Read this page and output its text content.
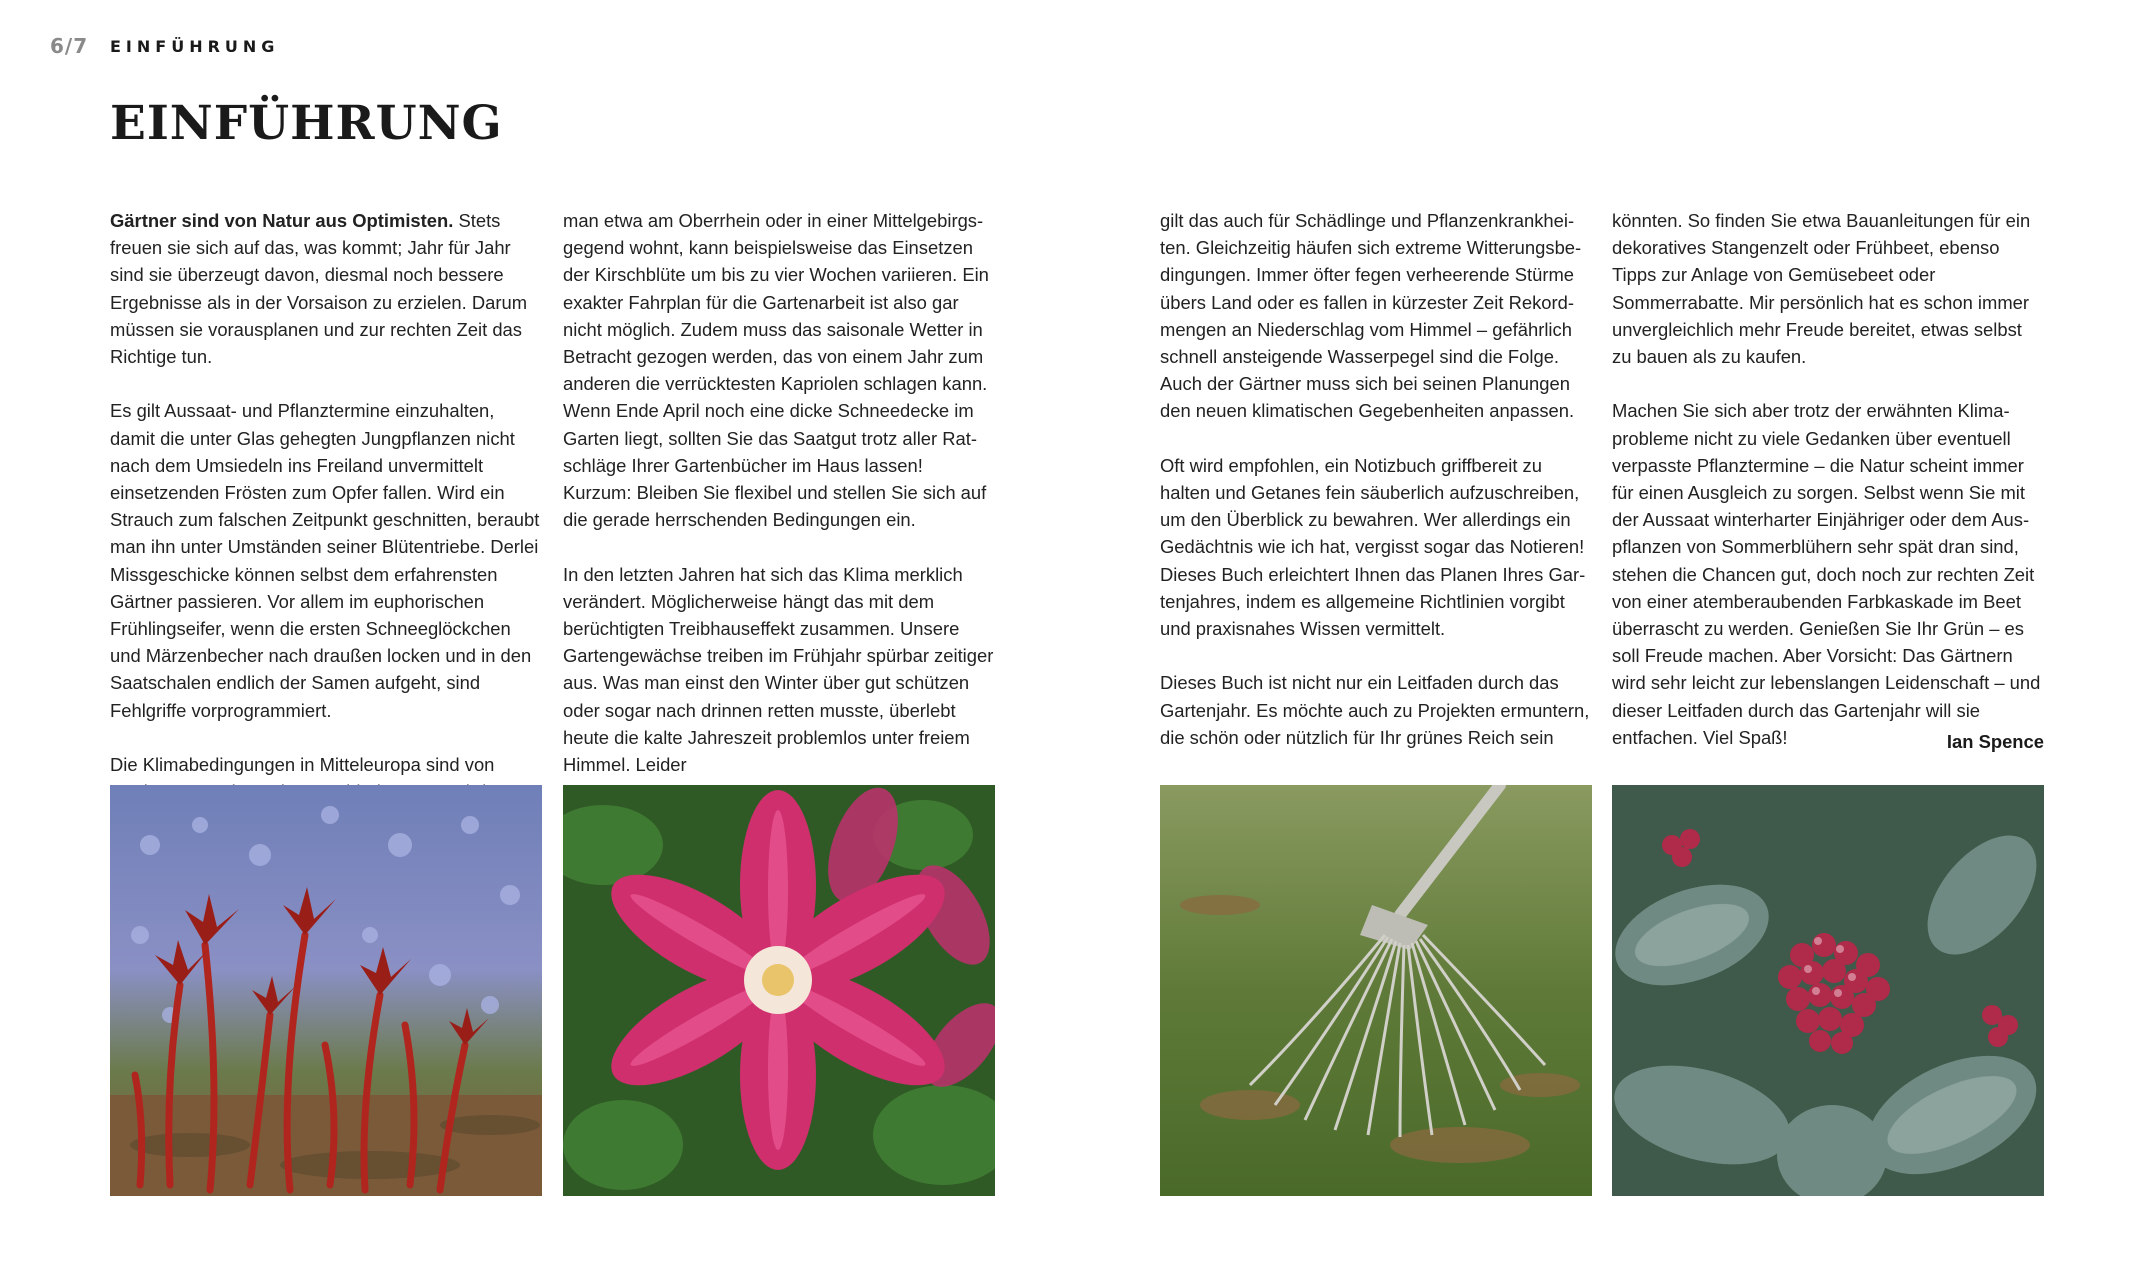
6/7 EINFÜHRUNG
EINFÜHRUNG

Gärtner sind von Natur aus Optimisten. Stets freuen sie sich auf das, was kommt; Jahr für Jahr sind sie überzeugt davon, diesmal noch bessere Ergebnisse als in der Vorsaison zu erzielen. Darum müssen sie vorausplanen und zur rechten Zeit das Richtige tun.

Es gilt Aussaat- und Pflanztermine einzuhalten, damit die unter Glas gehegten Jungpflanzen nicht nach dem Umsiedeln ins Freiland unvermittelt einsetzenden Frösten zum Opfer fallen. Wird ein Strauch zum falschen Zeitpunkt geschnitten, beraubt man ihn unter Umständen seiner Blütentriebe. Derlei Missgeschicke können selbst dem erfahrensten Gärtner passieren. Vor allem im euphorischen Frühlingseifer, wenn die ersten Schneeglöckchen und Märzenbecher nach draußen locken und in den Saatschalen endlich der Samen aufgeht, sind Fehlgriffe vorprogrammiert.

Die Klimabedingungen in Mitteleuropa sind von

man etwa am Oberrhein oder in einer Mittelgebirgsgegend wohnt, kann beispielsweise das Einsetzen der Kirschblüte um bis zu vier Wochen variieren. Ein exakter Fahrplan für die Gartenarbeit ist also gar nicht möglich. Zudem muss das saisonale Wetter in Betracht gezogen werden, das von einem Jahr zum anderen die verrücktesten Kapriolen schlagen kann. Wenn Ende April noch eine dicke Schneedecke im Garten liegt, sollten Sie das Saatgut trotz aller Ratschläge Ihrer Gartenbücher im Haus lassen! Kurzum: Bleiben Sie flexibel und stellen Sie sich auf die gerade herrschenden Bedingungen ein.

In den letzten Jahren hat sich das Klima merklich verändert. Möglicherweise hängt das mit dem berüchtigten Treibhauseffekt zusammen. Unsere Gartengewächse treiben im Frühjahr spürbar zeitiger aus. Was man einst den Winter über gut schützen oder sogar nach drinnen retten musste, überlebt heute die kalte Jahreszeit problemlos unter freiem Himmel. Leider

gilt das auch für Schädlinge und Pflanzenkrankheiten. Gleichzeitig häufen sich extreme Witterungsbedingungen. Immer öfter fegen verheerende Stürme übers Land oder es fallen in kürzester Zeit Rekordmengen an Niederschlag vom Himmel – gefährlich schnell ansteigende Wasserpegel sind die Folge. Auch der Gärtner muss sich bei seinen Planungen den neuen klimatischen Gegebenheiten anpassen.

Oft wird empfohlen, ein Notizbuch griffbereit zu halten und Getanes fein säuberlich aufzuschreiben, um den Überblick zu bewahren. Wer allerdings ein Gedächtnis wie ich hat, vergisst sogar das Notieren! Dieses Buch erleichtert Ihnen das Planen Ihres Gartenjahres, indem es allgemeine Richtlinien vorgibt und praxisnahes Wissen vermittelt.

Dieses Buch ist nicht nur ein Leitfaden durch das Gartenjahr. Es möchte auch zu Projekten ermuntern, die schön oder nützlich für Ihr grünes Reich sein

könnten. So finden Sie etwa Bauanleitungen für ein dekoratives Stangenzelt oder Frühbeet, ebenso Tipps zur Anlage von Gemüsebeet oder Sommerrabatte. Mir persönlich hat es schon immer unvergleichlich mehr Freude bereitet, etwas selbst zu bauen als zu kaufen.

Machen Sie sich aber trotz der erwähnten Klimaprobleme nicht zu viele Gedanken über eventuell verpasste Pflanztermine – die Natur scheint immer für einen Ausgleich zu sorgen. Selbst wenn Sie mit der Aussaat winterharter Einjähriger oder dem Auspflanzen von Sommerblühern sehr spät dran sind, stehen die Chancen gut, doch noch zur rechten Zeit von einer atemberaubenden Farbkaskade im Beet überrascht zu werden. Genießen Sie Ihr Grün – es soll Freude machen. Aber Vorsicht: Das Gärtnern wird sehr leicht zur lebenslangen Leidenschaft – und dieser Leitfaden durch das Gartenjahr will sie entfachen. Viel Spaß!	Ian Spence
